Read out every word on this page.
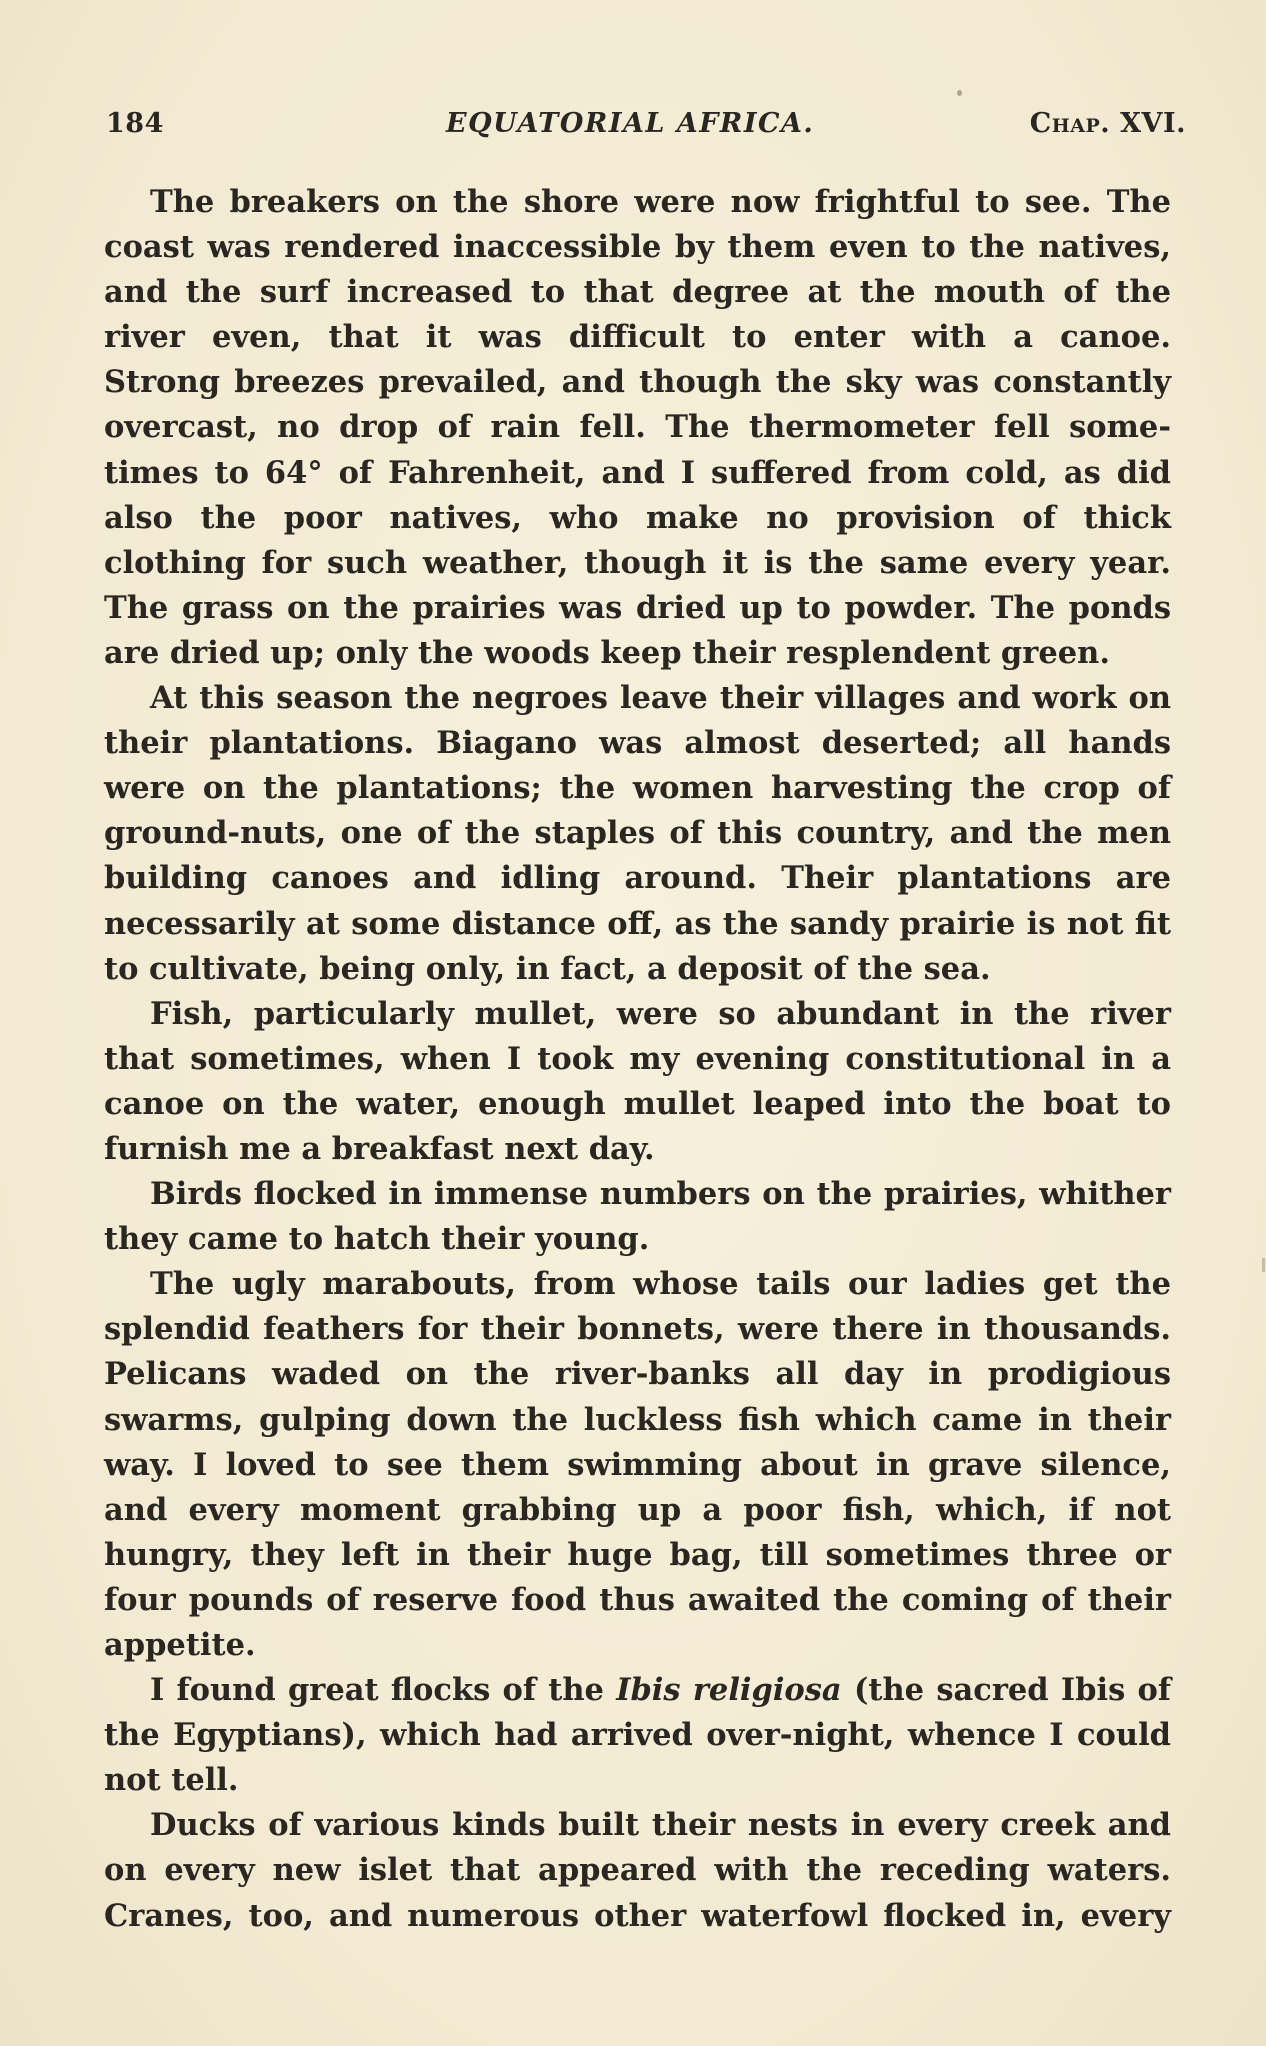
184	EQUATORIAL AFRICA.	Chap. XVI.
The breakers on the shore were now frightful to see. The
coast was rendered inaccessible by them even to the natives,
and the surf increased to that degree at the mouth of the
river even, that it was difficult to enter with a canoe.
Strong breezes prevailed, and though the sky was constantly
overcast, no drop of rain fell. The thermometer fell some-
times to 64° of Fahrenheit, and I suffered from cold, as did
also the poor natives, who make no provision of thick
clothing for such weather, though it is the same every year.
The grass on the prairies was dried up to powder. The ponds
are dried up; only the woods keep their resplendent green.
At this season the negroes leave their villages and work on
their plantations. Biagano was almost deserted; all hands
were on the plantations; the women harvesting the crop of
ground-nuts, one of the staples of this country, and the men
building canoes and idling around. Their plantations are
necessarily at some distance off, as the sandy prairie is not fit
to cultivate, being only, in fact, a deposit of the sea.
Fish, particularly mullet, were so abundant in the river
that sometimes, when I took my evening constitutional in a
canoe on the water, enough mullet leaped into the boat to
furnish me a breakfast next day.
Birds flocked in immense numbers on the prairies, whither
they came to hatch their young.
The ugly marabouts, from whose tails our ladies get the
splendid feathers for their bonnets, were there in thousands.
Pelicans waded on the river-banks all day in prodigious
swarms, gulping down the luckless fish which came in their
way. I loved to see them swimming about in grave silence,
and every moment grabbing up a poor fish, which, if not
hungry, they left in their huge bag, till sometimes three or
four pounds of reserve food thus awaited the coming of their
appetite.
I found great flocks of the Ibis religiosa (the sacred Ibis of
the Egyptians), which had arrived over-night, whence I could
not tell.
Ducks of various kinds built their nests in every creek and
on every new islet that appeared with the receding waters.
Cranes, too, and numerous other waterfowl flocked in, every
